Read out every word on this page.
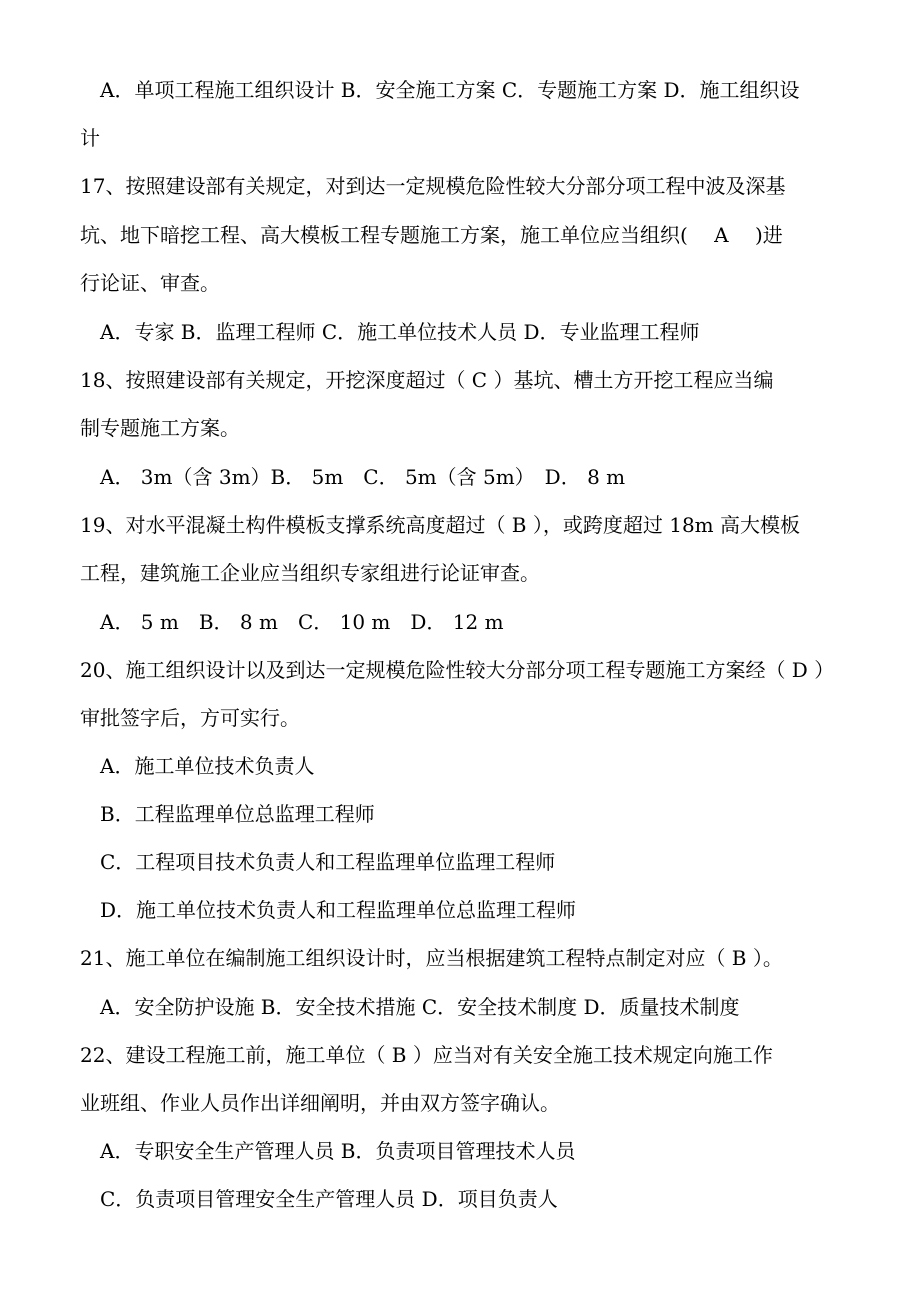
A．单项工程施工组织设计 B．安全施工方案 C．专题施工方案 D．施工组织设
计
17、按照建设部有关规定，对到达一定规模危险性较大分部分项工程中波及深基
坑、地下暗挖工程、高大模板工程专题施工方案，施工单位应当组织(　 A　 )进
行论证、审查。
A．专家 B．监理工程师 C．施工单位技术人员 D．专业监理工程师
18、按照建设部有关规定，开挖深度超过（ C ）基坑、槽土方开挖工程应当编
制专题施工方案。
A． 3m（含 3m）B． 5m　C． 5m（含 5m）　D． 8 m
19、对水平混凝土构件模板支撑系统高度超过（ B ），或跨度超过 18m 高大模板
工程，建筑施工企业应当组织专家组进行论证审查。
A． 5 m　B． 8 m　C． 10 m　D． 12 m
20、施工组织设计以及到达一定规模危险性较大分部分项工程专题施工方案经（ D ）
审批签字后，方可实行。
A．施工单位技术负责人
B．工程监理单位总监理工程师
C．工程项目技术负责人和工程监理单位监理工程师
D．施工单位技术负责人和工程监理单位总监理工程师
21、施工单位在编制施工组织设计时，应当根据建筑工程特点制定对应（ B ）。
A．安全防护设施 B．安全技术措施 C．安全技术制度 D．质量技术制度
22、建设工程施工前，施工单位（ B ）应当对有关安全施工技术规定向施工作
业班组、作业人员作出详细阐明，并由双方签字确认。
A．专职安全生产管理人员 B．负责项目管理技术人员
C．负责项目管理安全生产管理人员 D．项目负责人
